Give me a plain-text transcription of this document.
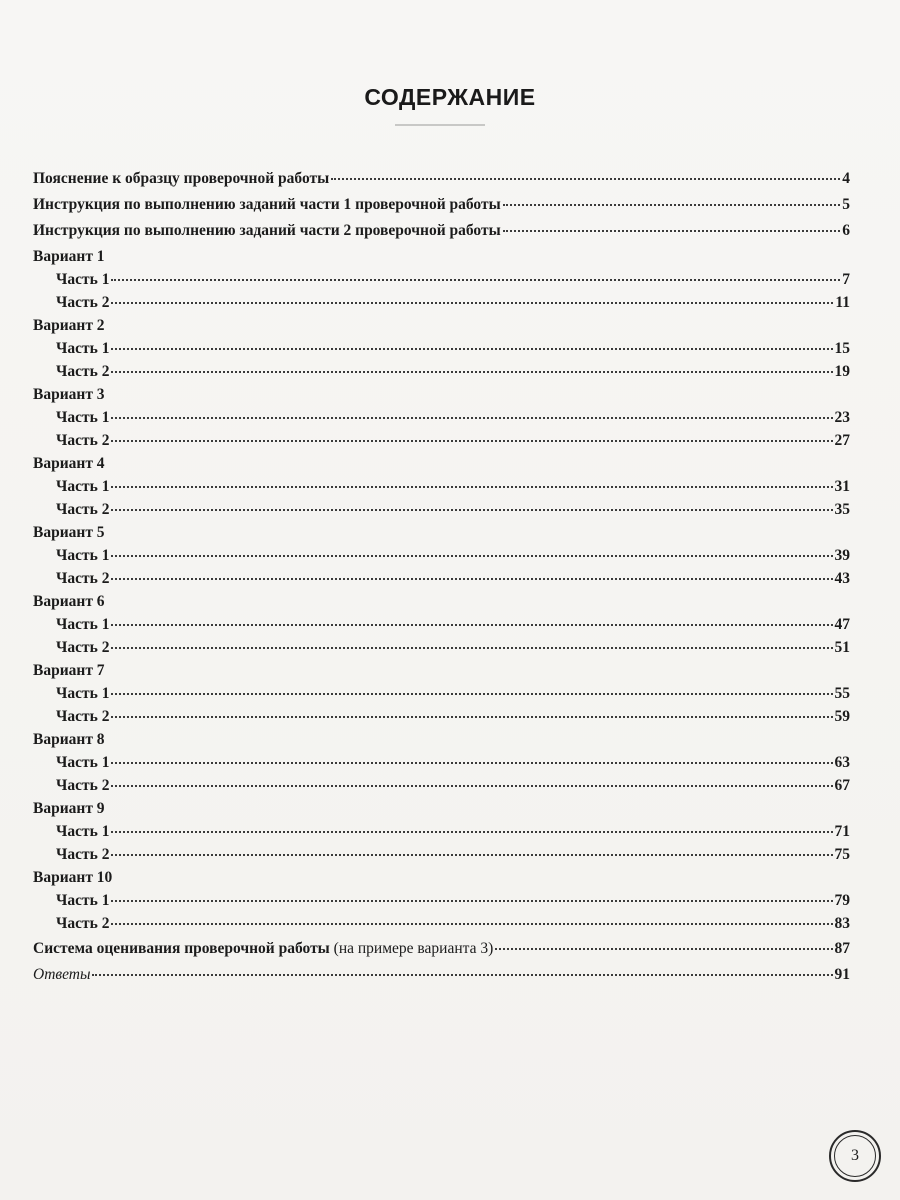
СОДЕРЖАНИЕ
Пояснение к образцу проверочной работы	4
Инструкция по выполнению заданий части 1 проверочной работы	5
Инструкция по выполнению заданий части 2 проверочной работы	6
Вариант 1
Часть 1	7
Часть 2	11
Вариант 2
Часть 1	15
Часть 2	19
Вариант 3
Часть 1	23
Часть 2	27
Вариант 4
Часть 1	31
Часть 2	35
Вариант 5
Часть 1	39
Часть 2	43
Вариант 6
Часть 1	47
Часть 2	51
Вариант 7
Часть 1	55
Часть 2	59
Вариант 8
Часть 1	63
Часть 2	67
Вариант 9
Часть 1	71
Часть 2	75
Вариант 10
Часть 1	79
Часть 2	83
Система оценивания проверочной работы (на примере варианта 3)	87
Ответы	91
3
